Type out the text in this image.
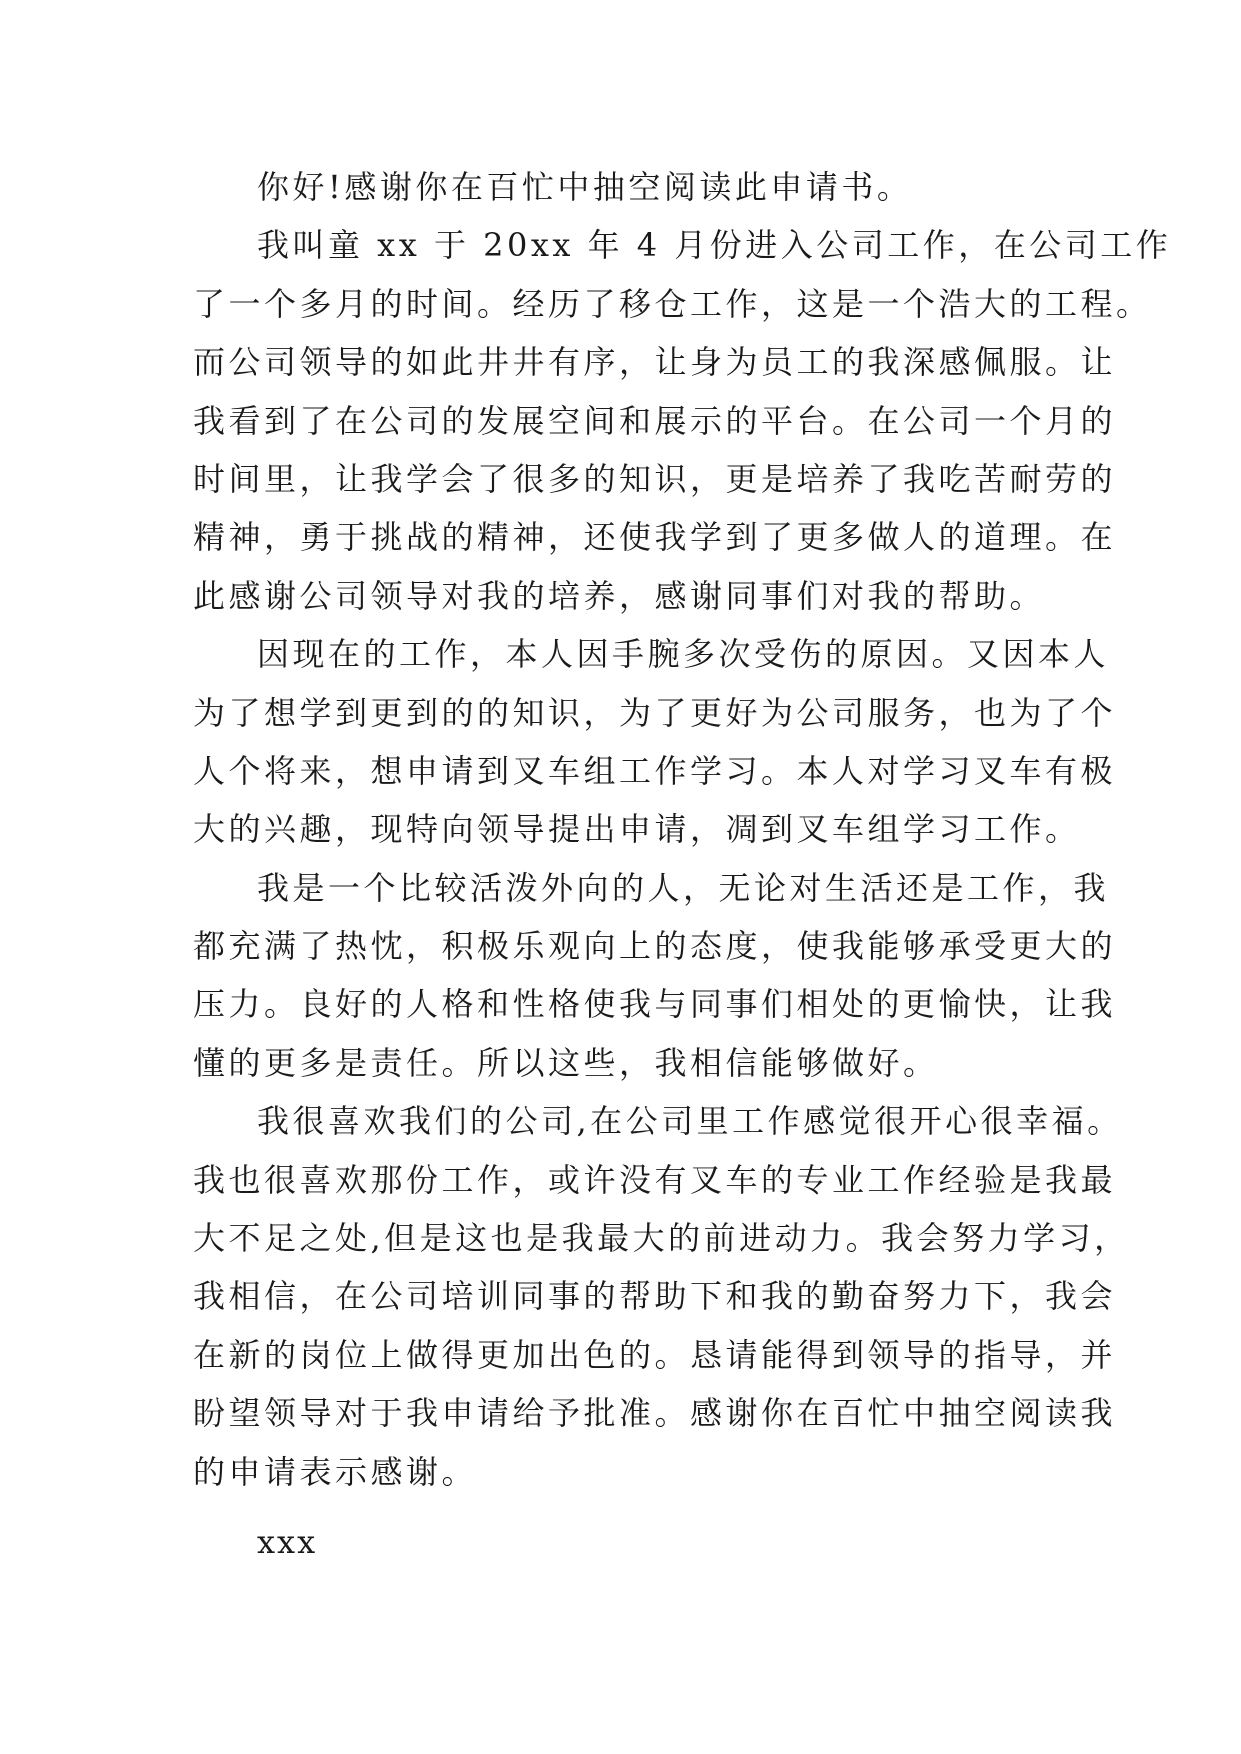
你好!感谢你在百忙中抽空阅读此申请书。
我叫童 xx 于 20xx 年 4 月份进入公司工作，在公司工作
了一个多月的时间。经历了移仓工作，这是一个浩大的工程。
而公司领导的如此井井有序，让身为员工的我深感佩服。让
我看到了在公司的发展空间和展示的平台。在公司一个月的
时间里，让我学会了很多的知识，更是培养了我吃苦耐劳的
精神，勇于挑战的精神，还使我学到了更多做人的道理。在
此感谢公司领导对我的培养，感谢同事们对我的帮助。
因现在的工作，本人因手腕多次受伤的原因。又因本人
为了想学到更到的的知识，为了更好为公司服务，也为了个
人个将来，想申请到叉车组工作学习。本人对学习叉车有极
大的兴趣，现特向领导提出申请，凋到叉车组学习工作。
我是一个比较活泼外向的人，无论对生活还是工作，我
都充满了热忱，积极乐观向上的态度，使我能够承受更大的
压力。良好的人格和性格使我与同事们相处的更愉快，让我
懂的更多是责任。所以这些，我相信能够做好。
我很喜欢我们的公司,在公司里工作感觉很开心很幸福。
我也很喜欢那份工作，或许没有叉车的专业工作经验是我最
大不足之处,但是这也是我最大的前进动力。我会努力学习，
我相信，在公司培训同事的帮助下和我的勤奋努力下，我会
在新的岗位上做得更加出色的。恳请能得到领导的指导，并
盼望领导对于我申请给予批准。感谢你在百忙中抽空阅读我
的申请表示感谢。
xxx
